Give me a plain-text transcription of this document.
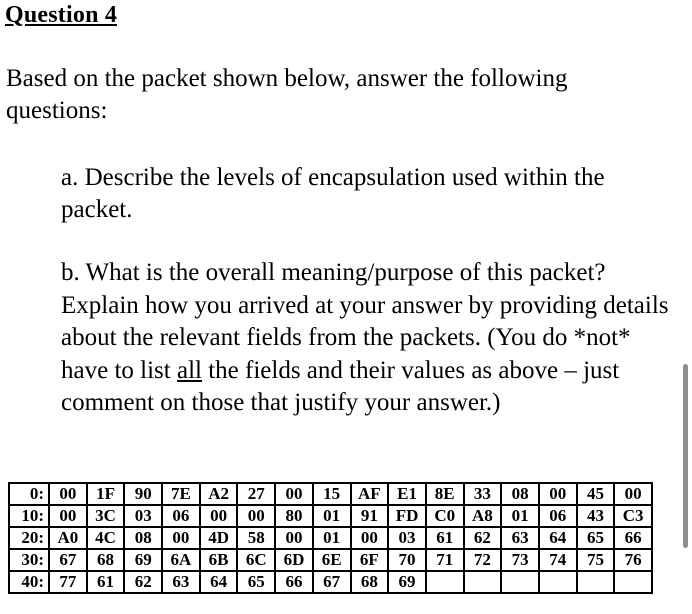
Question 4
Based on the packet shown below, answer the following questions:
a. Describe the levels of encapsulation used within the packet.
b. What is the overall meaning/purpose of this packet? Explain how you arrived at your answer by providing details about the relevant fields from the packets. (You do *not* have to list all the fields and their values as above – just comment on those that justify your answer.)
0:	00	1F	90	7E	A2	27	00	15	AF	E1	8E	33	08	00	45	00
10:	00	3C	03	06	00	00	80	01	91	FD	C0	A8	01	06	43	C3
20:	A0	4C	08	00	4D	58	00	01	00	03	61	62	63	64	65	66
30:	67	68	69	6A	6B	6C	6D	6E	6F	70	71	72	73	74	75	76
40:	77	61	62	63	64	65	66	67	68	69						
